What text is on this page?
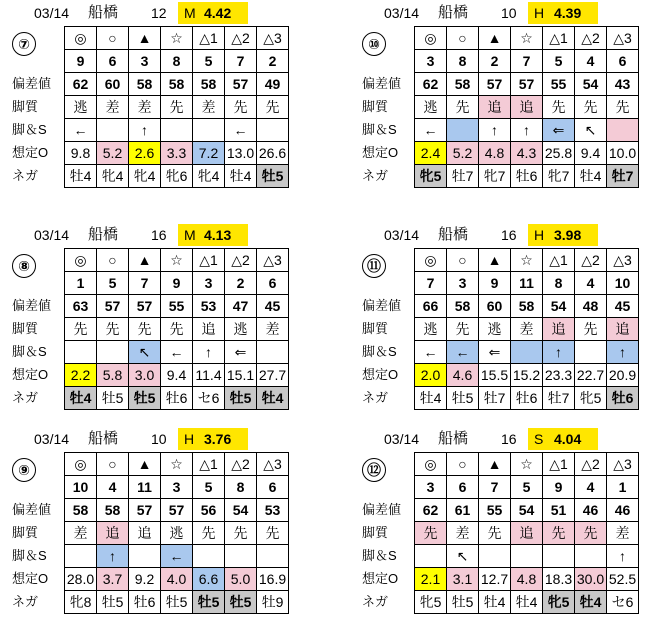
03/14 船橋 12 M 4.42
⑦
偏差値
脚質
脚＆S
想定O
ネガ
◎	○	▲	☆	△1	△2	△3
9	6	3	8	5	7	2
62	60	58	58	58	57	49
逃	差	差	先	差	先	先
←		↑			←	
9.8	5.2	2.6	3.3	7.2	13.0	26.6
牡4	牝4	牝4	牝6	牝4	牡4	牡5
03/14 船橋 10 H 4.39
⑩
偏差値
脚質
脚＆S
想定O
ネガ
◎	○	▲	☆	△1	△2	△3
3	8	2	7	5	4	6
62	58	57	57	55	54	43
逃	先	追	追	先	先	先
←		↑	↑	⇐	↖	
2.4	5.2	4.8	4.3	25.8	9.4	10.0
牝5	牡7	牝7	牡6	牝7	牡4	牡7
03/14 船橋 16 M 4.13
⑧
偏差値
脚質
脚＆S
想定O
ネガ
◎	○	▲	☆	△1	△2	△3
1	5	7	9	3	2	6
63	57	57	55	53	47	45
先	先	先	先	追	逃	差
		↖	←	↑	⇐	
2.2	5.8	3.0	9.4	11.4	15.1	27.7
牡4	牡5	牡5	牡6	セ6	牡5	牡4
03/14 船橋 16 H 3.98
⑪
偏差値
脚質
脚＆S
想定O
ネガ
◎	○	▲	☆	△1	△2	△3
7	3	9	11	8	4	10
66	58	60	58	54	48	45
逃	先	逃	差	追	先	追
←	←	⇐		↑		↑
2.0	4.6	15.5	15.2	23.3	22.7	20.9
牡4	牡5	牡7	牡6	牡7	牝5	牡6
03/14 船橋 10 H 3.76
⑨
偏差値
脚質
脚＆S
想定O
ネガ
◎	○	▲	☆	△1	△2	△3
10	4	11	3	5	8	6
58	58	57	57	56	54	53
差	追	追	逃	先	先	先
	↑		←			
28.0	3.7	9.2	4.0	6.6	5.0	16.9
牝8	牡5	牡6	牡5	牡5	牡5	牡9
03/14 船橋 16 S 4.04
⑫
偏差値
脚質
脚＆S
想定O
ネガ
◎	○	▲	☆	△1	△2	△3
3	6	7	5	9	4	1
62	61	55	54	51	46	46
先	差	先	追	先	先	差
	↖					↑
2.1	3.1	12.7	4.8	18.3	30.0	52.5
牝5	牡5	牡4	牡4	牝5	牡4	セ6
